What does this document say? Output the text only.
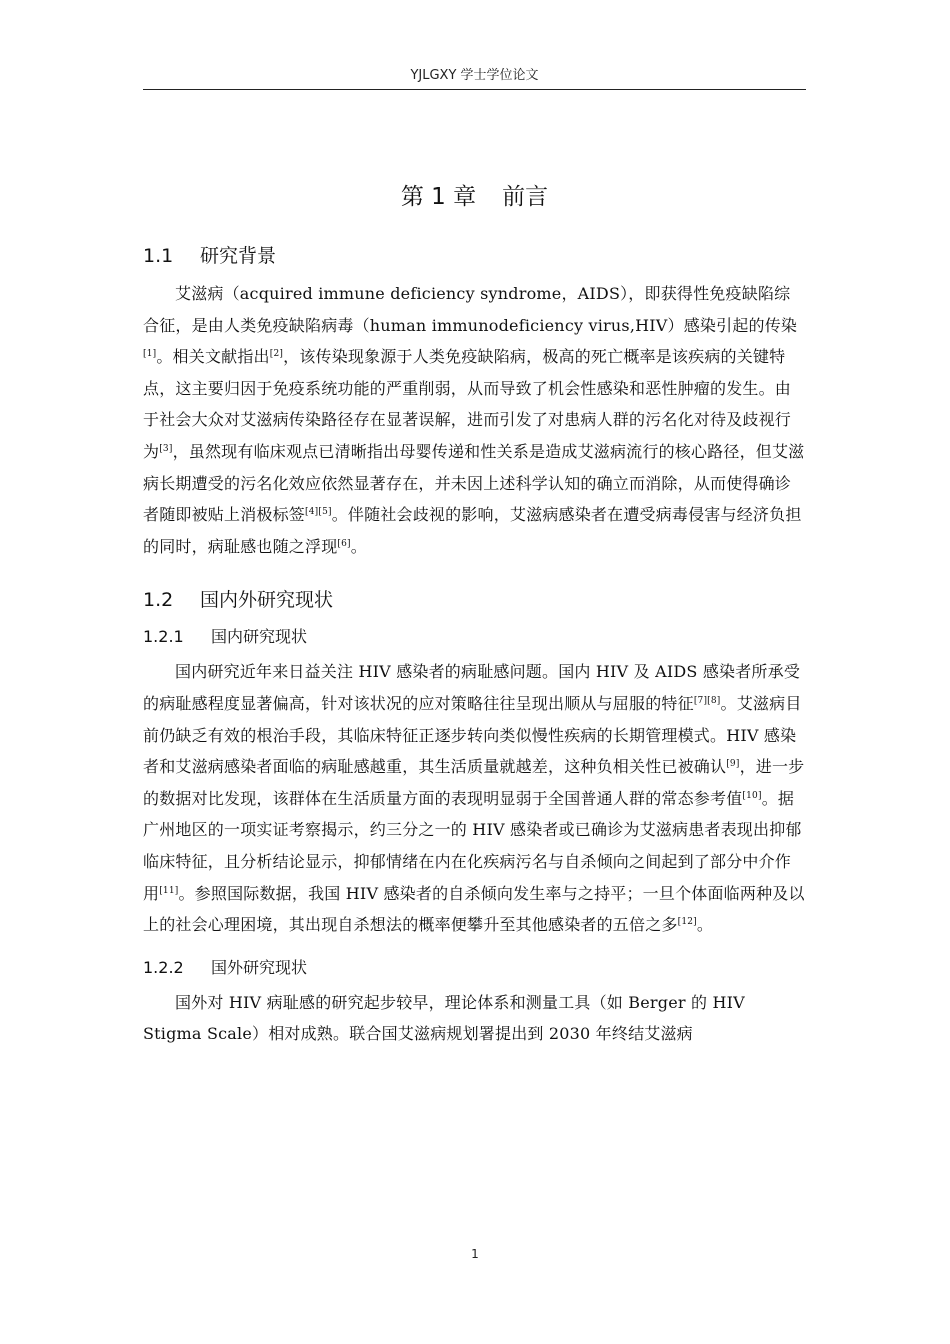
YJLGXY 学士学位论文
第 1 章 前言
1.1 研究背景

艾滋病（acquired immune deficiency syndrome，AIDS），即获得性免疫缺陷综合征，是由人类免疫缺陷病毒（human immunodeficiency virus,HIV）感染引起的传染[1]。相关文献指出[2]，该传染现象源于人类免疫缺陷病，极高的死亡概率是该疾病的关键特点，这主要归因于免疫系统功能的严重削弱，从而导致了机会性感染和恶性肿瘤的发生。由于社会大众对艾滋病传染路径存在显著误解，进而引发了对患病人群的污名化对待及歧视行为[3]，虽然现有临床观点已清晰指出母婴传递和性关系是造成艾滋病流行的核心路径，但艾滋病长期遭受的污名化效应依然显著存在，并未因上述科学认知的确立而消除，从而使得确诊者随即被贴上消极标签[4][5]。伴随社会歧视的影响，艾滋病感染者在遭受病毒侵害与经济负担的同时，病耻感也随之浮现[6]。

1.2 国内外研究现状
1.2.1 国内研究现状

国内研究近年来日益关注 HIV 感染者的病耻感问题。国内 HIV 及 AIDS 感染者所承受的病耻感程度显著偏高，针对该状况的应对策略往往呈现出顺从与屈服的特征[7][8]。艾滋病目前仍缺乏有效的根治手段，其临床特征正逐步转向类似慢性疾病的长期管理模式。HIV 感染者和艾滋病感染者面临的病耻感越重，其生活质量就越差，这种负相关性已被确认[9]，进一步的数据对比发现，该群体在生活质量方面的表现明显弱于全国普通人群的常态参考值[10]。据广州地区的一项实证考察揭示，约三分之一的 HIV 感染者或已确诊为艾滋病患者表现出抑郁临床特征，且分析结论显示，抑郁情绪在内在化疾病污名与自杀倾向之间起到了部分中介作用[11]。参照国际数据，我国 HIV 感染者的自杀倾向发生率与之持平；一旦个体面临两种及以上的社会心理困境，其出现自杀想法的概率便攀升至其他感染者的五倍之多[12]。

1.2.2 国外研究现状

国外对 HIV 病耻感的研究起步较早，理论体系和测量工具（如 Berger 的 HIV Stigma Scale）相对成熟。联合国艾滋病规划署提出到 2030 年终结艾滋病

1
